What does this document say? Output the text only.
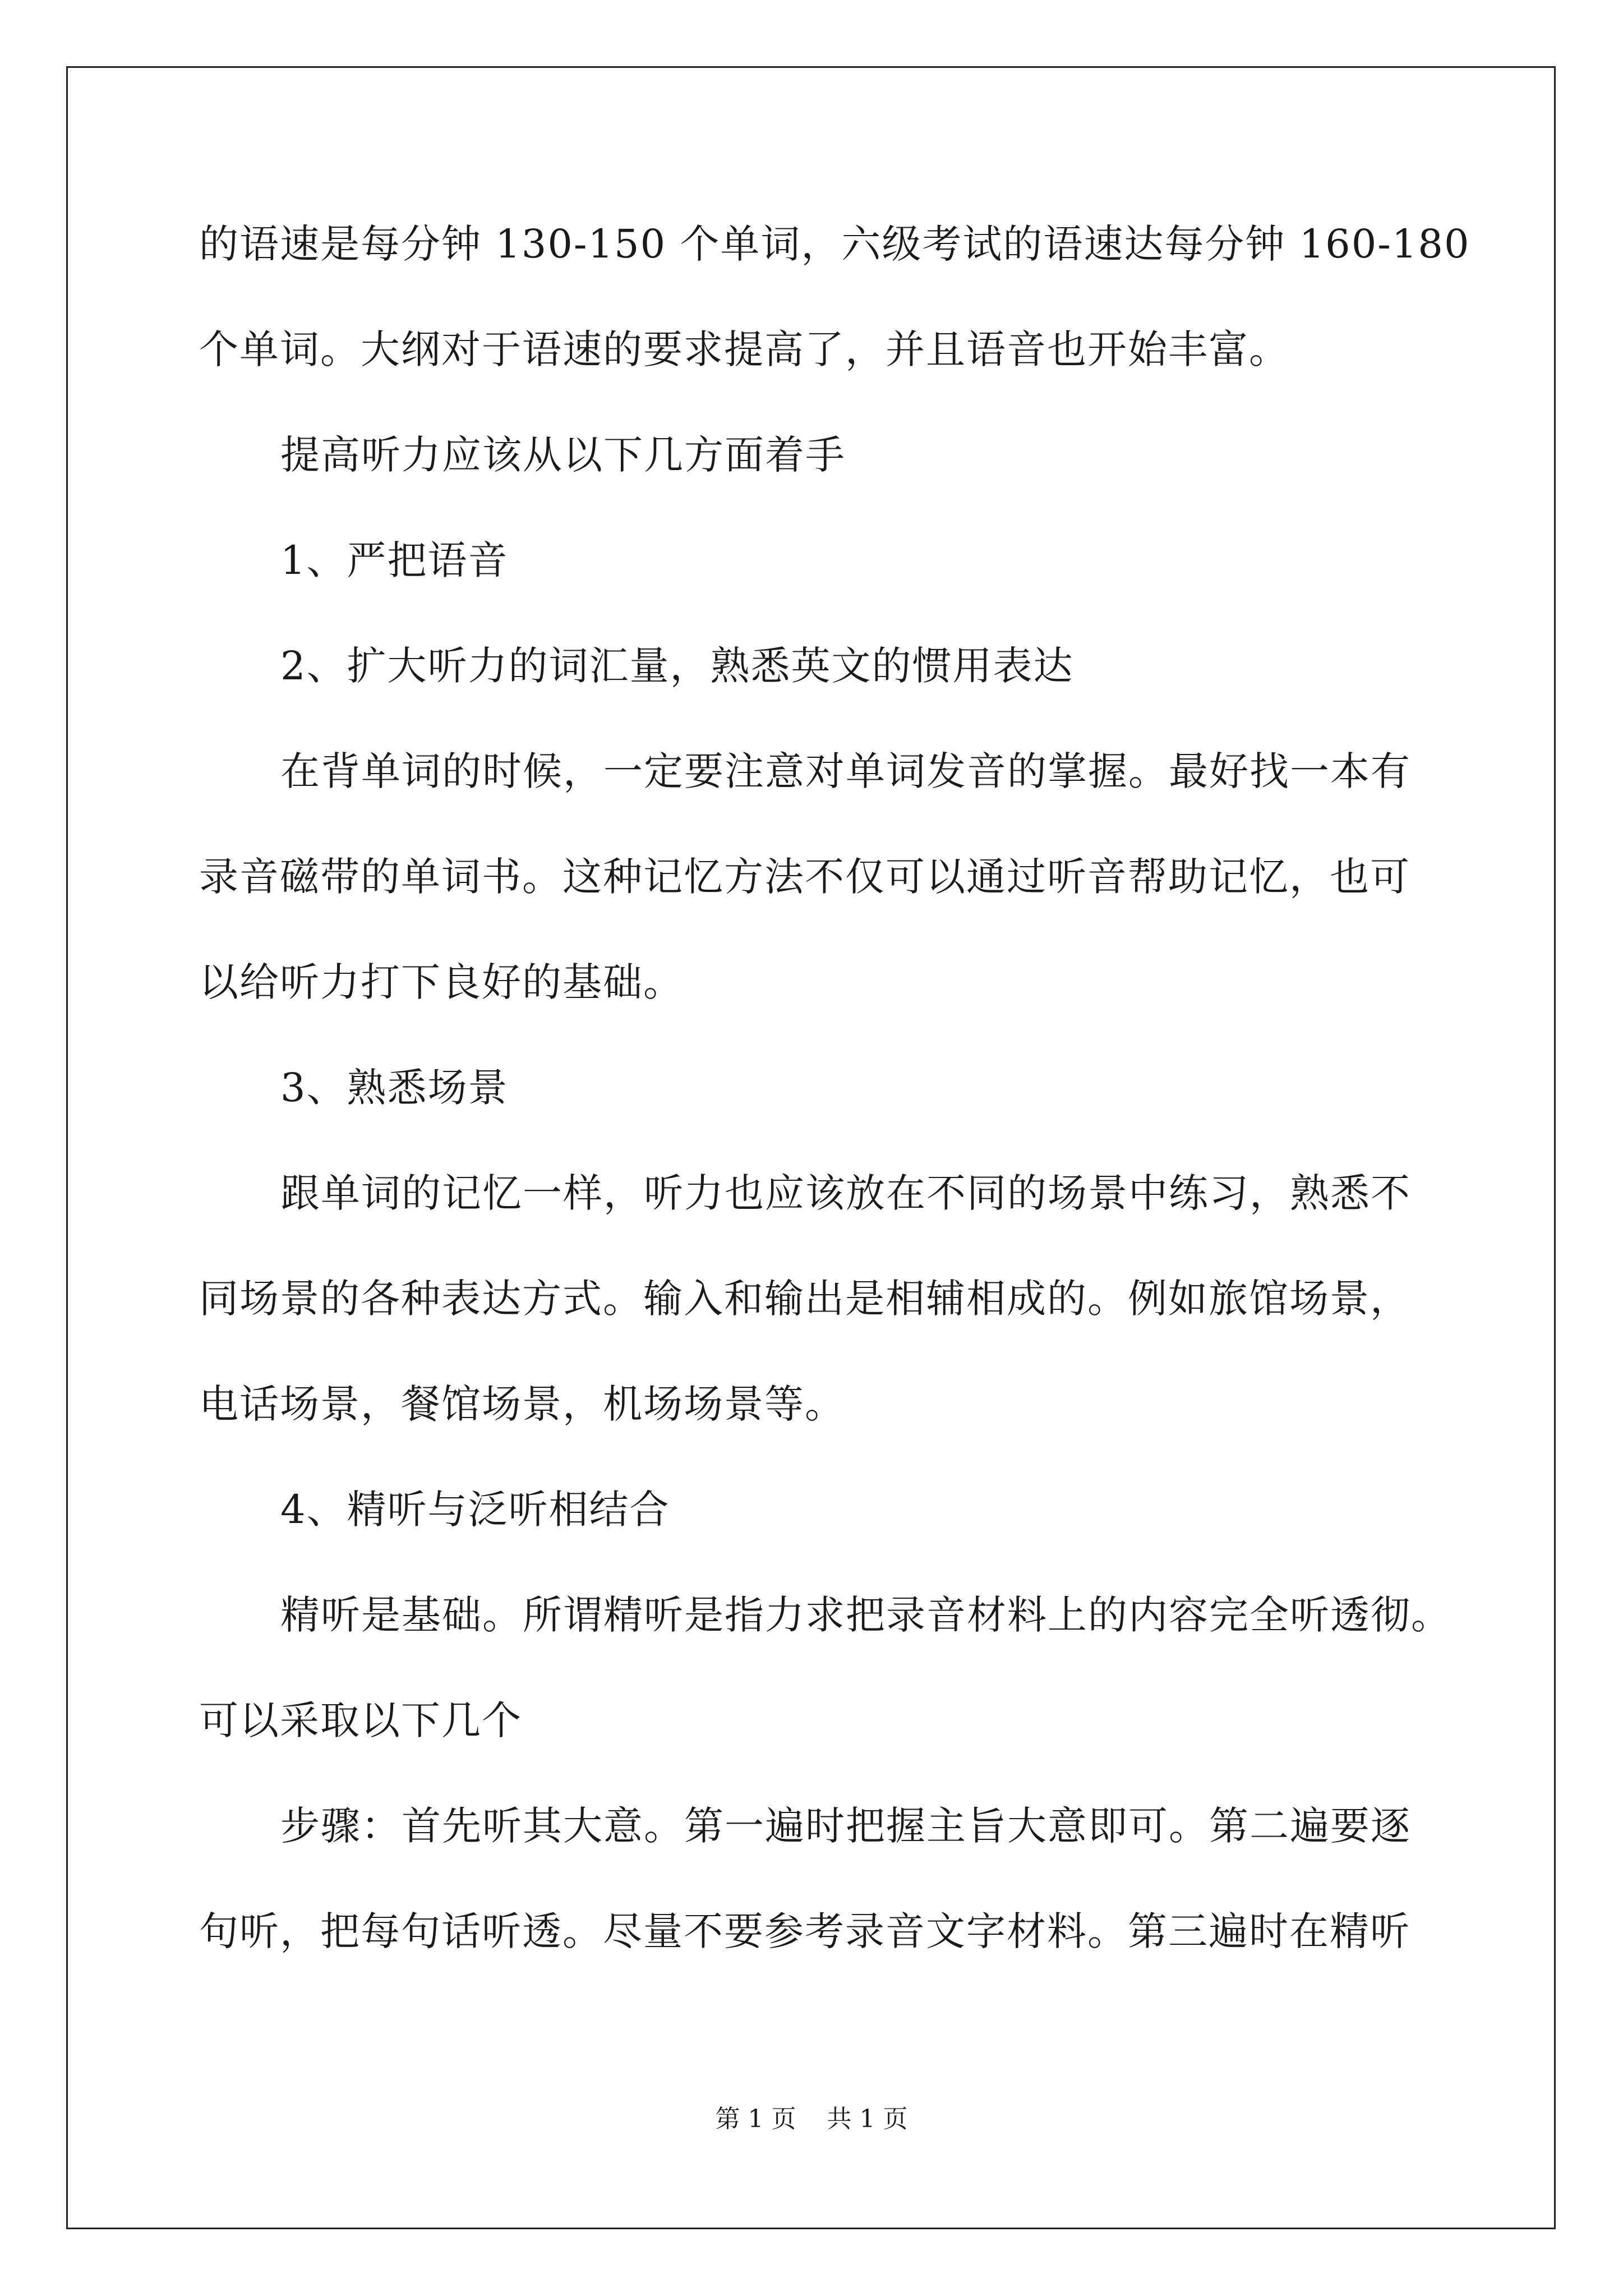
的语速是每分钟 130-150 个单词，六级考试的语速达每分钟 160-180
个单词。大纲对于语速的要求提高了，并且语音也开始丰富。
提高听力应该从以下几方面着手
1、严把语音
2、扩大听力的词汇量，熟悉英文的惯用表达
在背单词的时候，一定要注意对单词发音的掌握。最好找一本有
录音磁带的单词书。这种记忆方法不仅可以通过听音帮助记忆，也可
以给听力打下良好的基础。
3、熟悉场景
跟单词的记忆一样，听力也应该放在不同的场景中练习，熟悉不
同场景的各种表达方式。输入和输出是相辅相成的。例如旅馆场景，
电话场景，餐馆场景，机场场景等。
4、精听与泛听相结合
精听是基础。所谓精听是指力求把录音材料上的内容完全听透彻。
可以采取以下几个
步骤：首先听其大意。第一遍时把握主旨大意即可。第二遍要逐
句听，把每句话听透。尽量不要参考录音文字材料。第三遍时在精听
第 1 页 共 1 页
